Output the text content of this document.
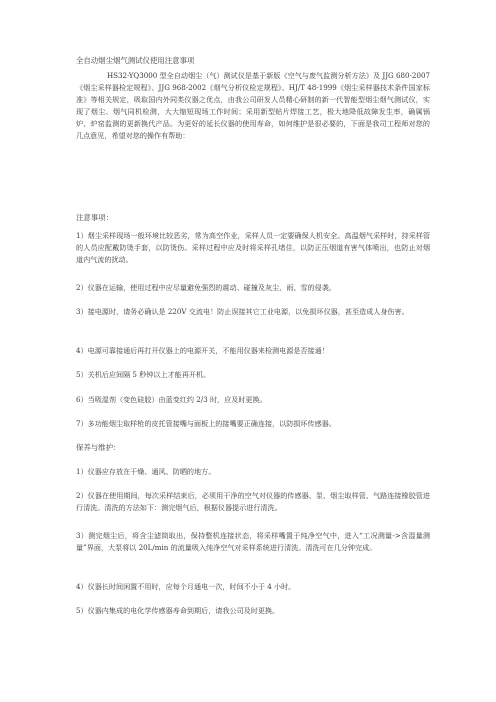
全自动烟尘烟气测试仪使用注意事项
HS32-YQ3000 型全自动烟尘（气）测试仪是基于新版《空气与废气监测分析方法》及 JJG 680-2007《烟尘采样器检定规程》、JJG 968-2002《烟气分析仪检定规程》、HJ/T 48-1999《烟尘采样器技术条件国家标准》等相关规定，吸取国内外同类仪器之优点，由我公司研发人员精心研制的新一代智能型烟尘烟气测试仪，实现了烟尘、烟气同机检测，大大缩短现场工作时间；采用新型贴片焊接工艺，极大地降低故障发生率，确属锅炉、炉窑监测的更新换代产品。为更好的延长仪器的使用寿命，如何维护是很必要的，下面是我司工程师对您的几点意见，希望对您的操作有帮助：
注意事项：
1）烟尘采样现场一般环境比较恶劣，常为高空作业，采样人员一定要确保人机安全。高温烟气采样时，持采样管的人员应配戴防烫手套，以防烫伤。采样过程中应及时将采样孔堵住，以防正压烟道有害气体喷出，也防止对烟道内气流的扰动。
2）仪器在运输，使用过程中应尽量避免强烈的震动、碰撞及灰尘、雨、雪的侵袭。
3）接电源时，请务必确认是 220V 交流电！防止误接其它工业电源，以免损坏仪器，甚至造成人身伤害。
4）电源可靠接通后再打开仪器上的电源开关，不能用仪器来检测电源是否接通！
5）关机后应间隔 5 秒钟以上才能再开机。
6）当吸湿剂（变色硅胶）由蓝变红约 2/3 时，应及时更换。
7）多功能烟尘取样枪的皮托管接嘴与面板上的接嘴要正确连接，以防损坏传感器。
保养与维护：
1）仪器应存放在干燥、通风、防晒的地方。
2）仪器在使用期间，每次采样结束后，必须用干净的空气对仪器的传感器、泵、烟尘取样管、气路连接橡胶管进行清洗。清洗的方法如下：测完烟气后，根据仪器提示进行清洗。
3）测完烟尘后，将含尘滤筒取出，保持整机连接状态，将采样嘴置于纯净空气中，进入“工况测量->含湿量测量”界面，大泵将以 20L/min 的流量吸入纯净空气对采样系统进行清洗。清洗可在几分钟完成。
4）仪器长时间闲置不用时，应每个月通电一次，时间不小于 4 小时。
5）仪器内集成的电化学传感器寿命到期后，请我公司及时更换。
